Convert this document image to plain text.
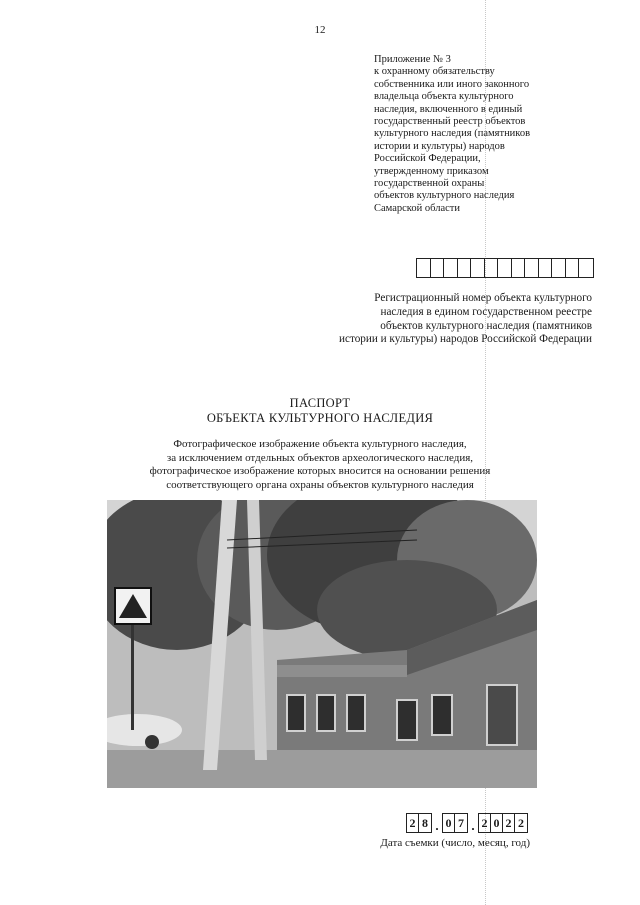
12
Приложение № 3
к охранному обязательству
собственника или иного законного
владельца объекта культурного
наследия, включенного в единый
государственный реестр объектов
культурного наследия (памятников
истории и культуры) народов
Российской Федерации,
утвержденному приказом
государственной охраны
объектов культурного наследия
Самарской области
Регистрационный номер объекта культурного
наследия в едином государственном реестре
объектов культурного наследия (памятников
истории и культуры) народов Российской Федерации
ПАСПОРТ
ОБЪЕКТА КУЛЬТУРНОГО НАСЛЕДИЯ
Фотографическое изображение объекта культурного наследия,
за исключением отдельных объектов археологического наследия,
фотографическое изображение которых вносится на основании решения
соответствующего органа охраны объектов культурного наследия
2 8 . 0 7 . 2 0 2 2
Дата съемки (число, месяц, год)
